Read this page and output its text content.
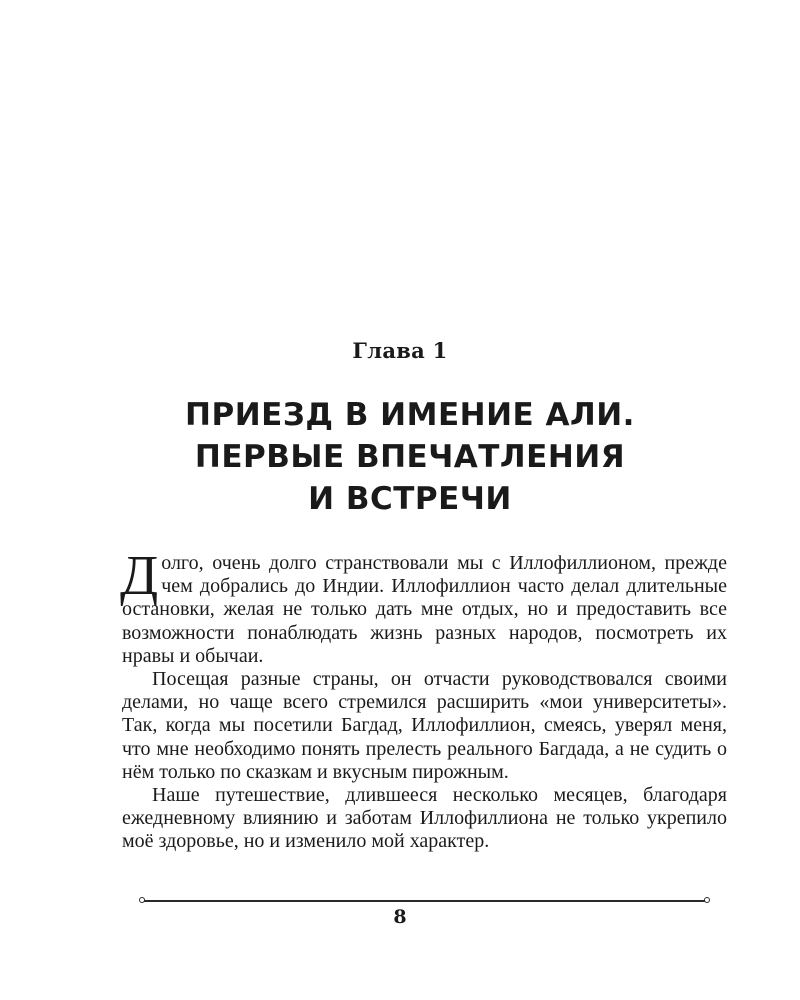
Глава 1
ПРИЕЗД В ИМЕНИЕ АЛИ.
ПЕРВЫЕ ВПЕЧАТЛЕНИЯ
И ВСТРЕЧИ

Долго, очень долго странствовали мы с Иллофиллионом, прежде чем добрались до Индии. Иллофиллион часто делал длительные остановки, желая не только дать мне отдых, но и предоставить все возможности понаблюдать жизнь разных народов, посмотреть их нравы и обычаи.

Посещая разные страны, он отчасти руководствовался своими делами, но чаще всего стремился расширить «мои университеты». Так, когда мы посетили Багдад, Иллофиллион, смеясь, уверял меня, что мне необходимо понять прелесть реального Багдада, а не судить о нём только по сказкам и вкусным пирожным.

Наше путешествие, длившееся несколько месяцев, благодаря ежедневному влиянию и заботам Иллофиллиона не только укрепило моё здоровье, но и изменило мой характер.

8
